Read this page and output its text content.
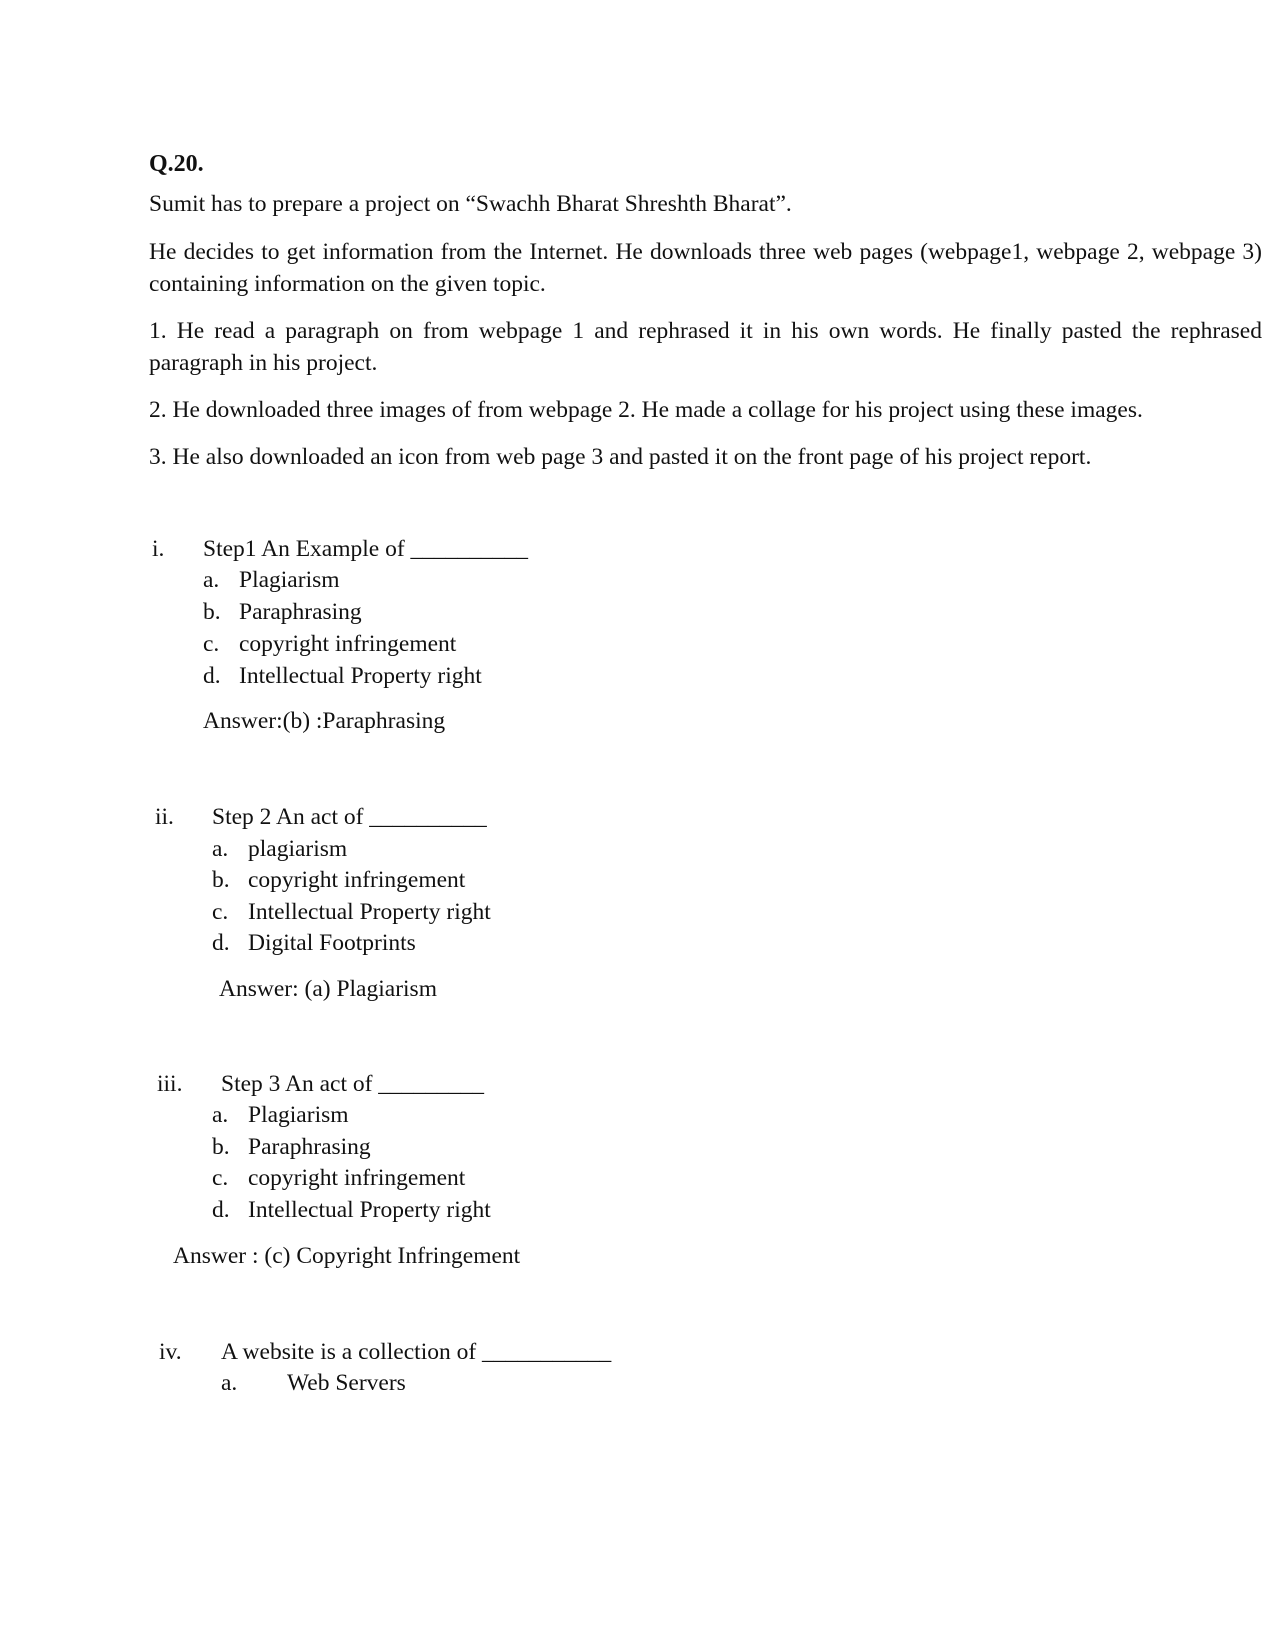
Q.20.

Sumit has to prepare a project on “Swachh Bharat Shreshth Bharat”.

He decides to get information from the Internet. He downloads three web pages (webpage1, webpage 2, webpage 3) containing information on the given topic.

1. He read a paragraph on from webpage 1 and rephrased it in his own words. He finally pasted the rephrased paragraph in his project.

2. He downloaded three images of from webpage 2. He made a collage for his project using these images.

3. He also downloaded an icon from web page 3 and pasted it on the front page of his project report.

i. Step1 An Example of __________
a. Plagiarism
b. Paraphrasing
c. copyright infringement
d. Intellectual Property right
Answer:(b) :Paraphrasing
ii. Step 2 An act of __________
a. plagiarism
b. copyright infringement
c. Intellectual Property right
d. Digital Footprints
Answer: (a) Plagiarism
iii. Step 3 An act of _________
a. Plagiarism
b. Paraphrasing
c. copyright infringement
d. Intellectual Property right
Answer : (c) Copyright Infringement
iv. A website is a collection of ___________
a. Web Servers
